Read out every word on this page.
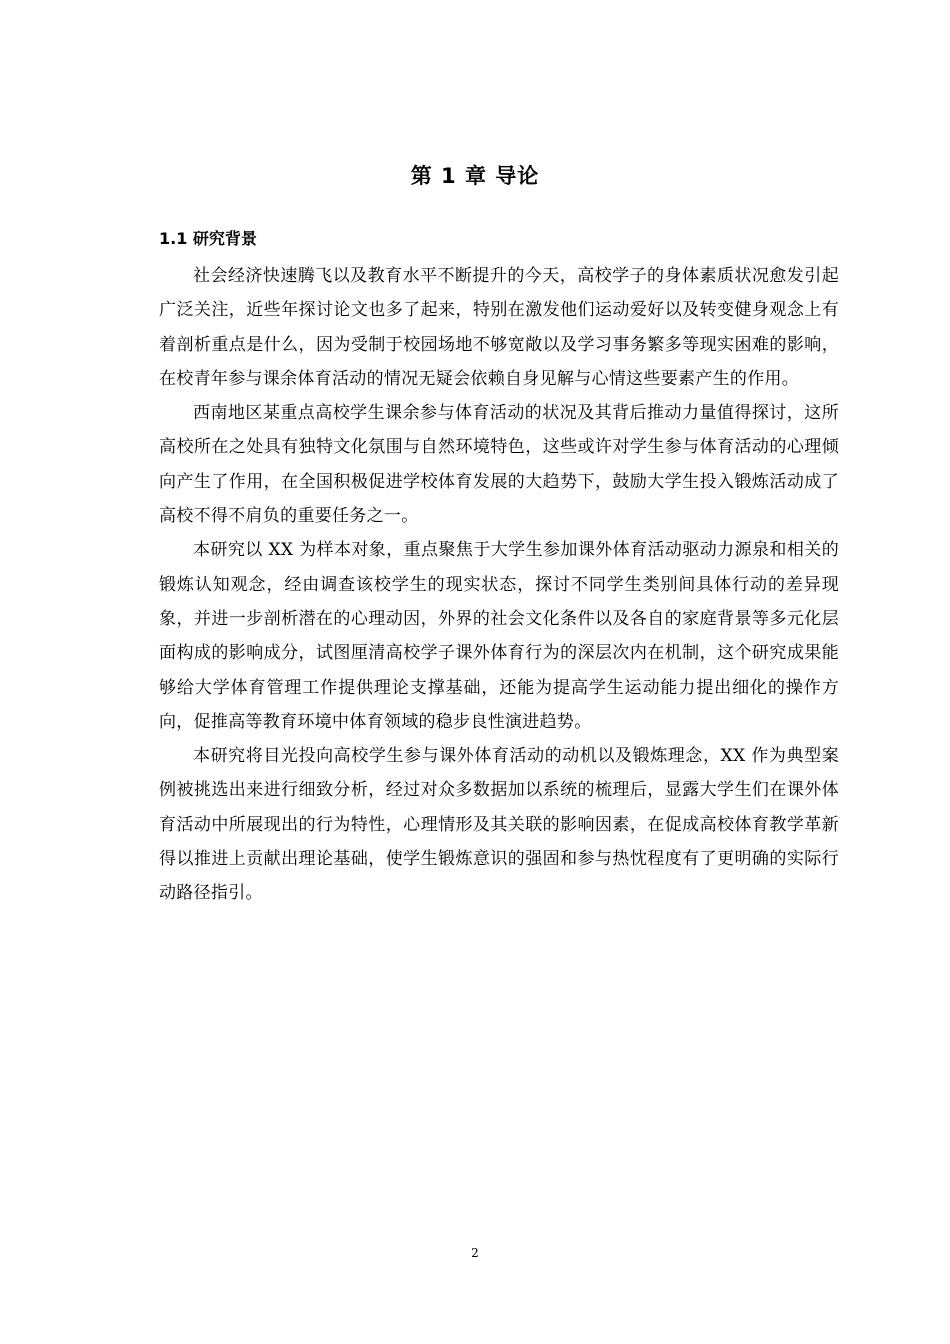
第 1 章 导论
1.1 研究背景

社会经济快速腾飞以及教育水平不断提升的今天，高校学子的身体素质状况愈发引起广泛关注，近些年探讨论文也多了起来，特别在激发他们运动爱好以及转变健身观念上有着剖析重点是什么，因为受制于校园场地不够宽敞以及学习事务繁多等现实困难的影响，在校青年参与课余体育活动的情况无疑会依赖自身见解与心情这些要素产生的作用。

西南地区某重点高校学生课余参与体育活动的状况及其背后推动力量值得探讨，这所高校所在之处具有独特文化氛围与自然环境特色，这些或许对学生参与体育活动的心理倾向产生了作用，在全国积极促进学校体育发展的大趋势下，鼓励大学生投入锻炼活动成了高校不得不肩负的重要任务之一。

本研究以 XX 为样本对象，重点聚焦于大学生参加课外体育活动驱动力源泉和相关的锻炼认知观念，经由调查该校学生的现实状态，探讨不同学生类别间具体行动的差异现象，并进一步剖析潜在的心理动因，外界的社会文化条件以及各自的家庭背景等多元化层面构成的影响成分，试图厘清高校学子课外体育行为的深层次内在机制，这个研究成果能够给大学体育管理工作提供理论支撑基础，还能为提高学生运动能力提出细化的操作方向，促推高等教育环境中体育领域的稳步良性演进趋势。

本研究将目光投向高校学生参与课外体育活动的动机以及锻炼理念，XX 作为典型案例被挑选出来进行细致分析，经过对众多数据加以系统的梳理后，显露大学生们在课外体育活动中所展现出的行为特性，心理情形及其关联的影响因素，在促成高校体育教学革新得以推进上贡献出理论基础，使学生锻炼意识的强固和参与热忱程度有了更明确的实际行动路径指引。

2
